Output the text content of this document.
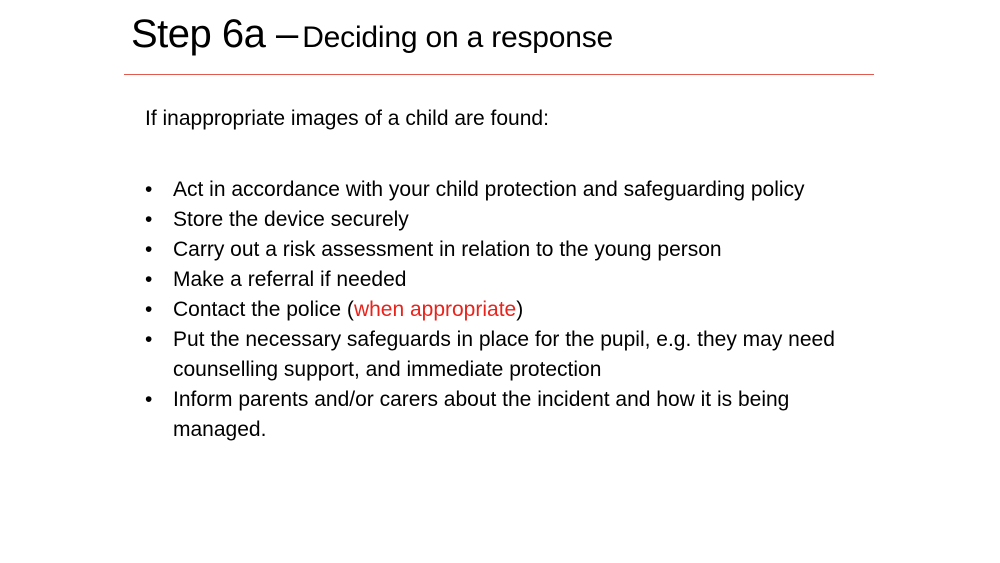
Step 6a – Deciding on a response
If inappropriate images of a child are found:
• Act in accordance with your child protection and safeguarding policy
• Store the device securely
• Carry out a risk assessment in relation to the young person
• Make a referral if needed
• Contact the police (when appropriate)
• Put the necessary safeguards in place for the pupil, e.g. they may need counselling support, and immediate protection
• Inform parents and/or carers about the incident and how it is being managed.
